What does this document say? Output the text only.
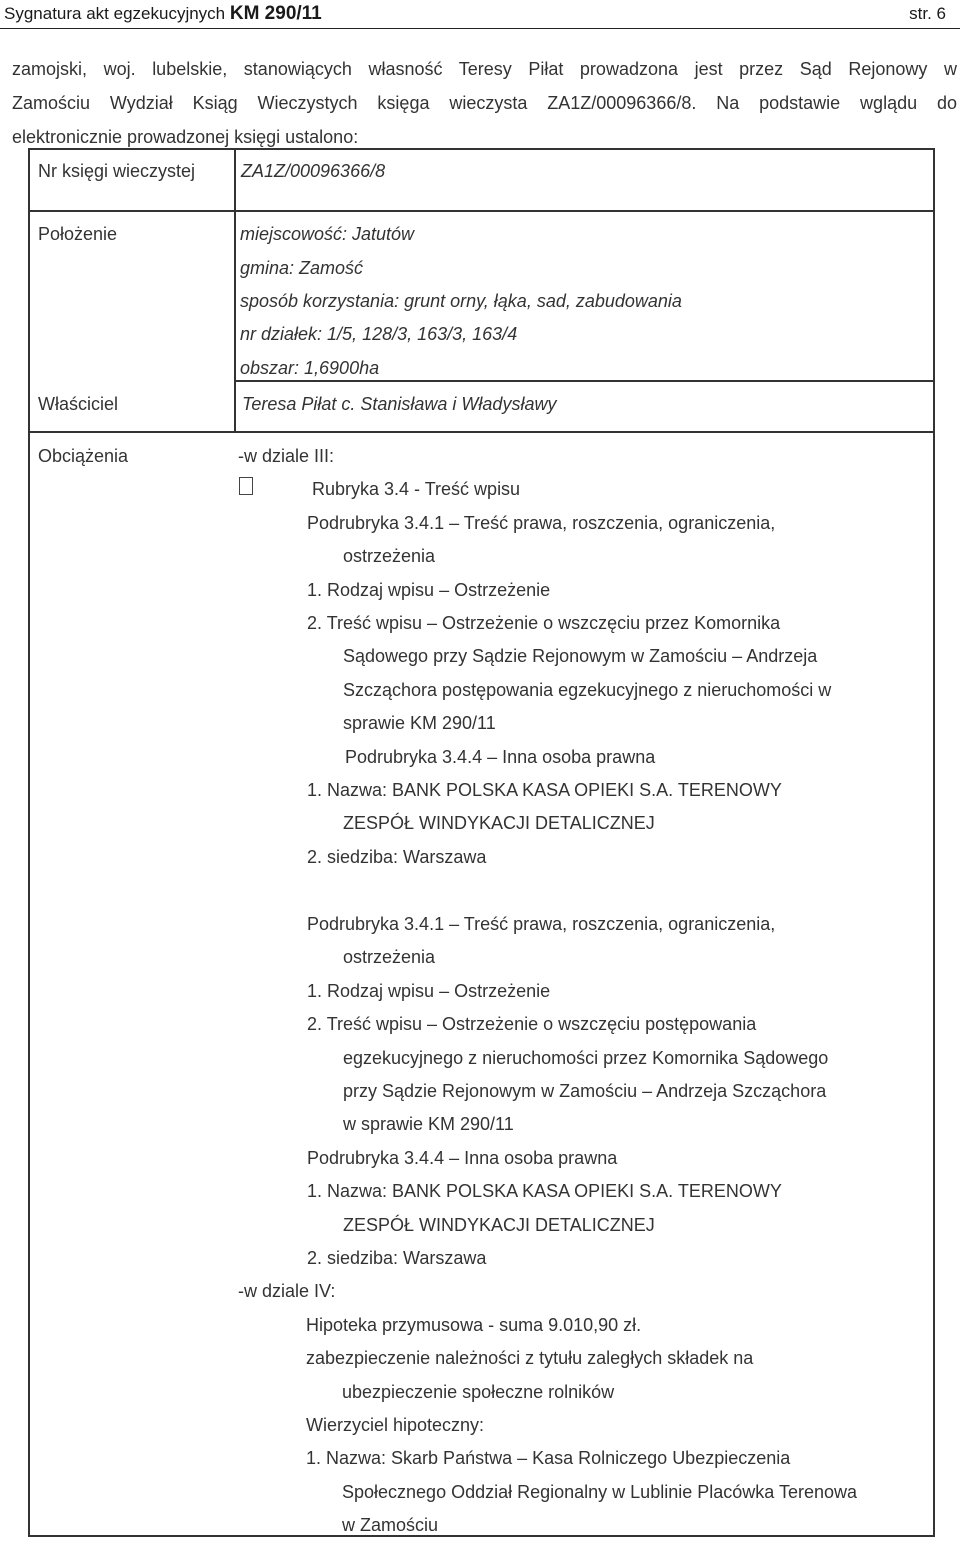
Sygnatura akt egzekucyjnych KM 290/11	str. 6
zamojski, woj. lubelskie, stanowiących własność Teresy Piłat prowadzona jest przez Sąd Rejonowy w
Zamościu Wydział Ksiąg Wieczystych księga wieczysta ZA1Z/00096366/8. Na podstawie wglądu do
elektronicznie prowadzonej księgi ustalono:
Nr księgi wieczystej	ZA1Z/00096366/8
Położenie	miejscowość: Jatutów
gmina: Zamość
sposób korzystania: grunt orny, łąka, sad, zabudowania
nr działek: 1/5, 128/3, 163/3, 163/4
obszar: 1,6900ha
Właściciel	Teresa Piłat c. Stanisława i Władysławy
Obciążenia	-w dziale III:
Rubryka 3.4 - Treść wpisu
Podrubryka 3.4.1 – Treść prawa, roszczenia, ograniczenia,
ostrzeżenia
1. Rodzaj wpisu – Ostrzeżenie
2. Treść wpisu – Ostrzeżenie o wszczęciu przez Komornika
Sądowego przy Sądzie Rejonowym w Zamościu – Andrzeja
Szcząchora postępowania egzekucyjnego z nieruchomości w
sprawie KM 290/11
Podrubryka 3.4.4 – Inna osoba prawna
1. Nazwa: BANK POLSKA KASA OPIEKI S.A. TERENOWY
ZESPÓŁ WINDYKACJI DETALICZNEJ
2. siedziba: Warszawa
Podrubryka 3.4.1 – Treść prawa, roszczenia, ograniczenia,
ostrzeżenia
1. Rodzaj wpisu – Ostrzeżenie
2. Treść wpisu – Ostrzeżenie o wszczęciu postępowania
egzekucyjnego z nieruchomości przez Komornika Sądowego
przy Sądzie Rejonowym w Zamościu – Andrzeja Szcząchora
w sprawie KM 290/11
Podrubryka 3.4.4 – Inna osoba prawna
1. Nazwa: BANK POLSKA KASA OPIEKI S.A. TERENOWY
ZESPÓŁ WINDYKACJI DETALICZNEJ
2. siedziba: Warszawa
-w dziale IV:
Hipoteka przymusowa - suma 9.010,90 zł.
zabezpieczenie należności z tytułu zaległych składek na
ubezpieczenie społeczne rolników
Wierzyciel hipoteczny:
1. Nazwa: Skarb Państwa – Kasa Rolniczego Ubezpieczenia
Społecznego Oddział Regionalny w Lublinie Placówka Terenowa
w Zamościu
